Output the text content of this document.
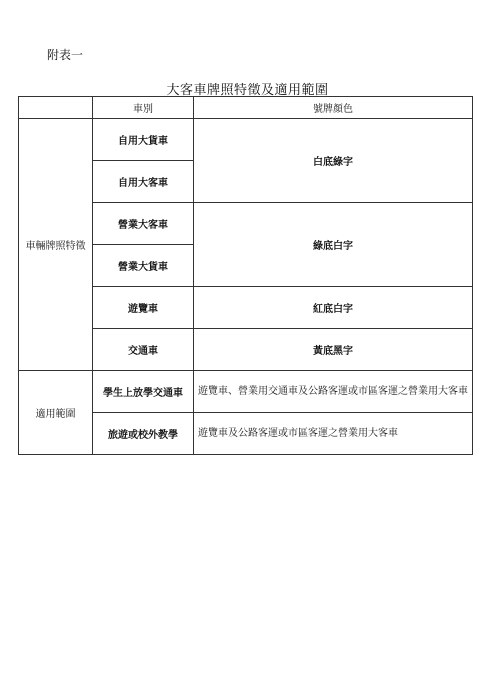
附表一
大客車牌照特徵及適用範圍
	車別	號牌顏色
車輛牌照特徵	自用大貨車	白底綠字
	自用大客車	
	營業大客車	綠底白字
	營業大貨車	
	遊覽車	紅底白字
	交通車	黃底黑字
適用範圍	學生上放學交通車	遊覽車、營業用交通車及公路客運或市區客運之營業用大客車
	旅遊或校外教學	遊覽車及公路客運或市區客運之營業用大客車
